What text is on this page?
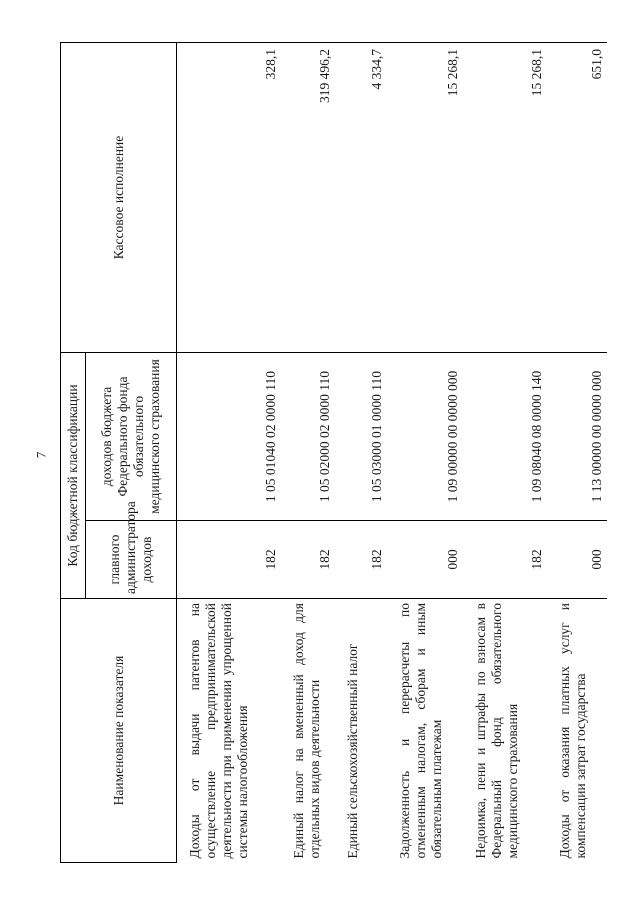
7
Наименование показателя	Код бюджетной классификации		Кассовое исполнение
	главного администратора доходов	доходов бюджета Федерального фонда обязательного медицинского страхования	
Доходы от выдачи патентов на осуществление предпринимательской деятельности при применении упрощенной системы налогообложения	182	1 05 01040 02 0000 110	328,1
Единый налог на вмененный доход для отдельных видов деятельности	182	1 05 02000 02 0000 110	319 496,2
Единый сельскохозяйственный налог	182	1 05 03000 01 0000 110	4 334,7
Задолженность и перерасчеты по отмененным налогам, сборам и иным обязательным платежам	000	1 09 00000 00 0000 000	15 268,1
Недоимка, пени и штрафы по взносам в Федеральный фонд обязательного медицинского страхования	182	1 09 08040 08 0000 140	15 268,1
Доходы от оказания платных услуг и компенсации затрат государства	000	1 13 00000 00 0000 000	651,0
